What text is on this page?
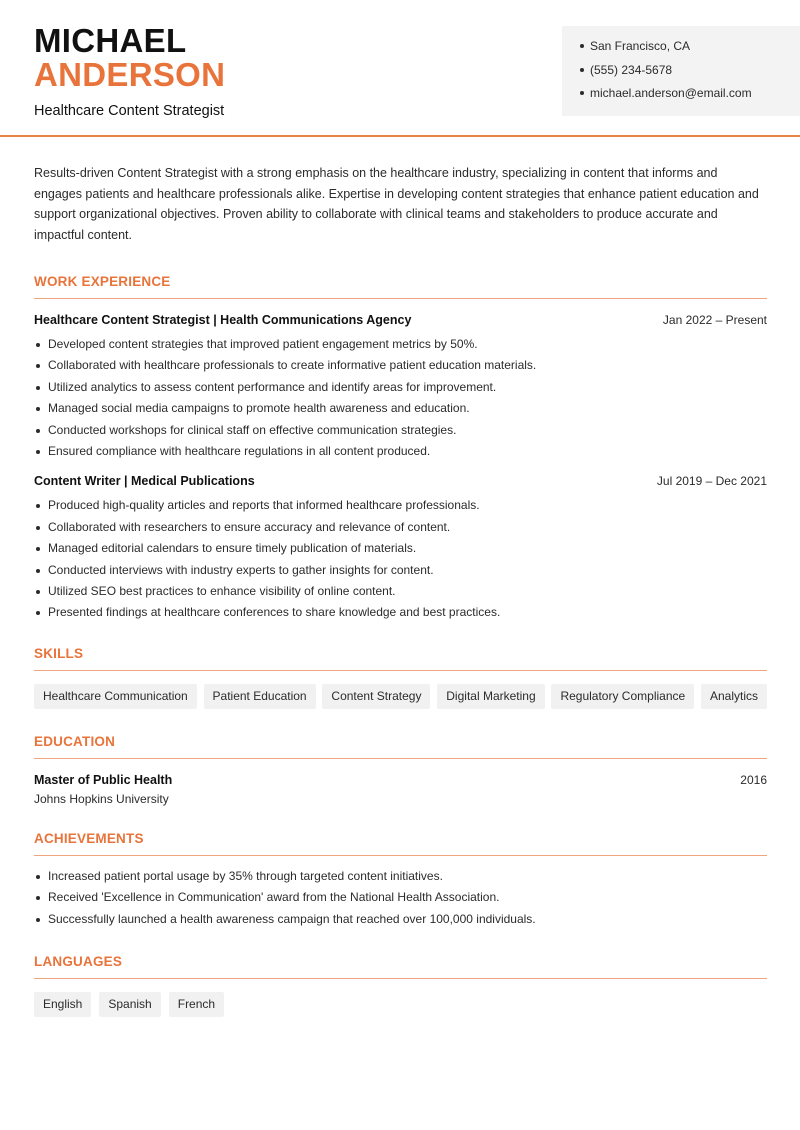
MICHAEL
ANDERSON
Healthcare Content Strategist
San Francisco, CA
(555) 234-5678
michael.anderson@email.com

Results-driven Content Strategist with a strong emphasis on the healthcare industry, specializing in content that informs and engages patients and healthcare professionals alike. Expertise in developing content strategies that enhance patient education and support organizational objectives. Proven ability to collaborate with clinical teams and stakeholders to produce accurate and impactful content.

WORK EXPERIENCE
Healthcare Content Strategist | Health Communications Agency	Jan 2022 – Present
Developed content strategies that improved patient engagement metrics by 50%.
Collaborated with healthcare professionals to create informative patient education materials.
Utilized analytics to assess content performance and identify areas for improvement.
Managed social media campaigns to promote health awareness and education.
Conducted workshops for clinical staff on effective communication strategies.
Ensured compliance with healthcare regulations in all content produced.
Content Writer | Medical Publications	Jul 2019 – Dec 2021
Produced high-quality articles and reports that informed healthcare professionals.
Collaborated with researchers to ensure accuracy and relevance of content.
Managed editorial calendars to ensure timely publication of materials.
Conducted interviews with industry experts to gather insights for content.
Utilized SEO best practices to enhance visibility of online content.
Presented findings at healthcare conferences to share knowledge and best practices.
SKILLS
Healthcare Communication	Patient Education	Content Strategy	Digital Marketing	Regulatory Compliance	Analytics
EDUCATION
Master of Public Health	2016
Johns Hopkins University
ACHIEVEMENTS
Increased patient portal usage by 35% through targeted content initiatives.
Received 'Excellence in Communication' award from the National Health Association.
Successfully launched a health awareness campaign that reached over 100,000 individuals.
LANGUAGES
English	Spanish	French
